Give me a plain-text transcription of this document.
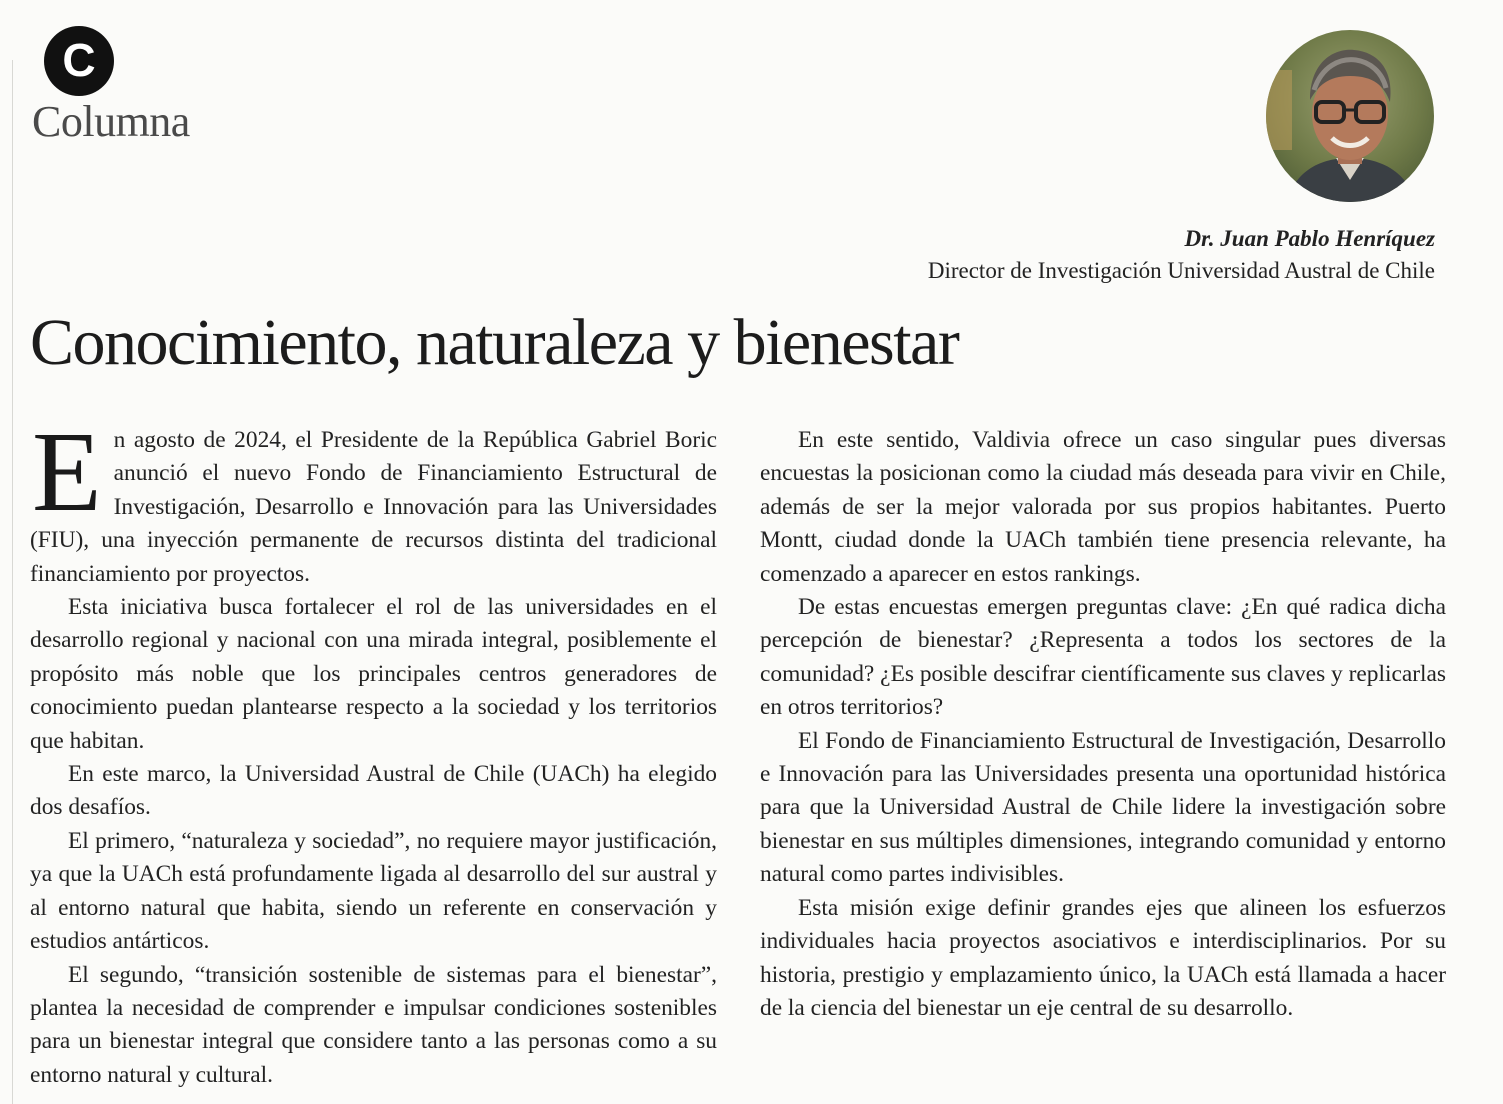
C
Columna
Dr. Juan Pablo Henríquez
Director de Investigación Universidad Austral de Chile
Conocimiento, naturaleza y bienestar

En agosto de 2024, el Presidente de la República Gabriel Boric anunció el nuevo Fondo de Financiamiento Estructural de Investigación, Desarrollo e Innovación para las Universidades (FIU), una inyección permanente de recursos distinta del tradicional financiamiento por proyectos.

Esta iniciativa busca fortalecer el rol de las universidades en el desarrollo regional y nacional con una mirada integral, posiblemente el propósito más noble que los principales centros generadores de conocimiento puedan plantearse respecto a la sociedad y los territorios que habitan.

En este marco, la Universidad Austral de Chile (UACh) ha elegido dos desafíos.

El primero, “naturaleza y sociedad”, no requiere mayor justificación, ya que la UACh está profundamente ligada al desarrollo del sur austral y al entorno natural que habita, siendo un referente en conservación y estudios antárticos.

El segundo, “transición sostenible de sistemas para el bienestar”, plantea la necesidad de comprender e impulsar condiciones sostenibles para un bienestar integral que considere tanto a las personas como a su entorno natural y cultural.

En este sentido, Valdivia ofrece un caso singular pues diversas encuestas la posicionan como la ciudad más deseada para vivir en Chile, además de ser la mejor valorada por sus propios habitantes. Puerto Montt, ciudad donde la UACh también tiene presencia relevante, ha comenzado a aparecer en estos rankings.

De estas encuestas emergen preguntas clave: ¿En qué radica dicha percepción de bienestar? ¿Representa a todos los sectores de la comunidad? ¿Es posible descifrar científicamente sus claves y replicarlas en otros territorios?

El Fondo de Financiamiento Estructural de Investigación, Desarrollo e Innovación para las Universidades presenta una oportunidad histórica para que la Universidad Austral de Chile lidere la investigación sobre bienestar en sus múltiples dimensiones, integrando comunidad y entorno natural como partes indivisibles.

Esta misión exige definir grandes ejes que alineen los esfuerzos individuales hacia proyectos asociativos e interdisciplinarios. Por su historia, prestigio y emplazamiento único, la UACh está llamada a hacer de la ciencia del bienestar un eje central de su desarrollo.
